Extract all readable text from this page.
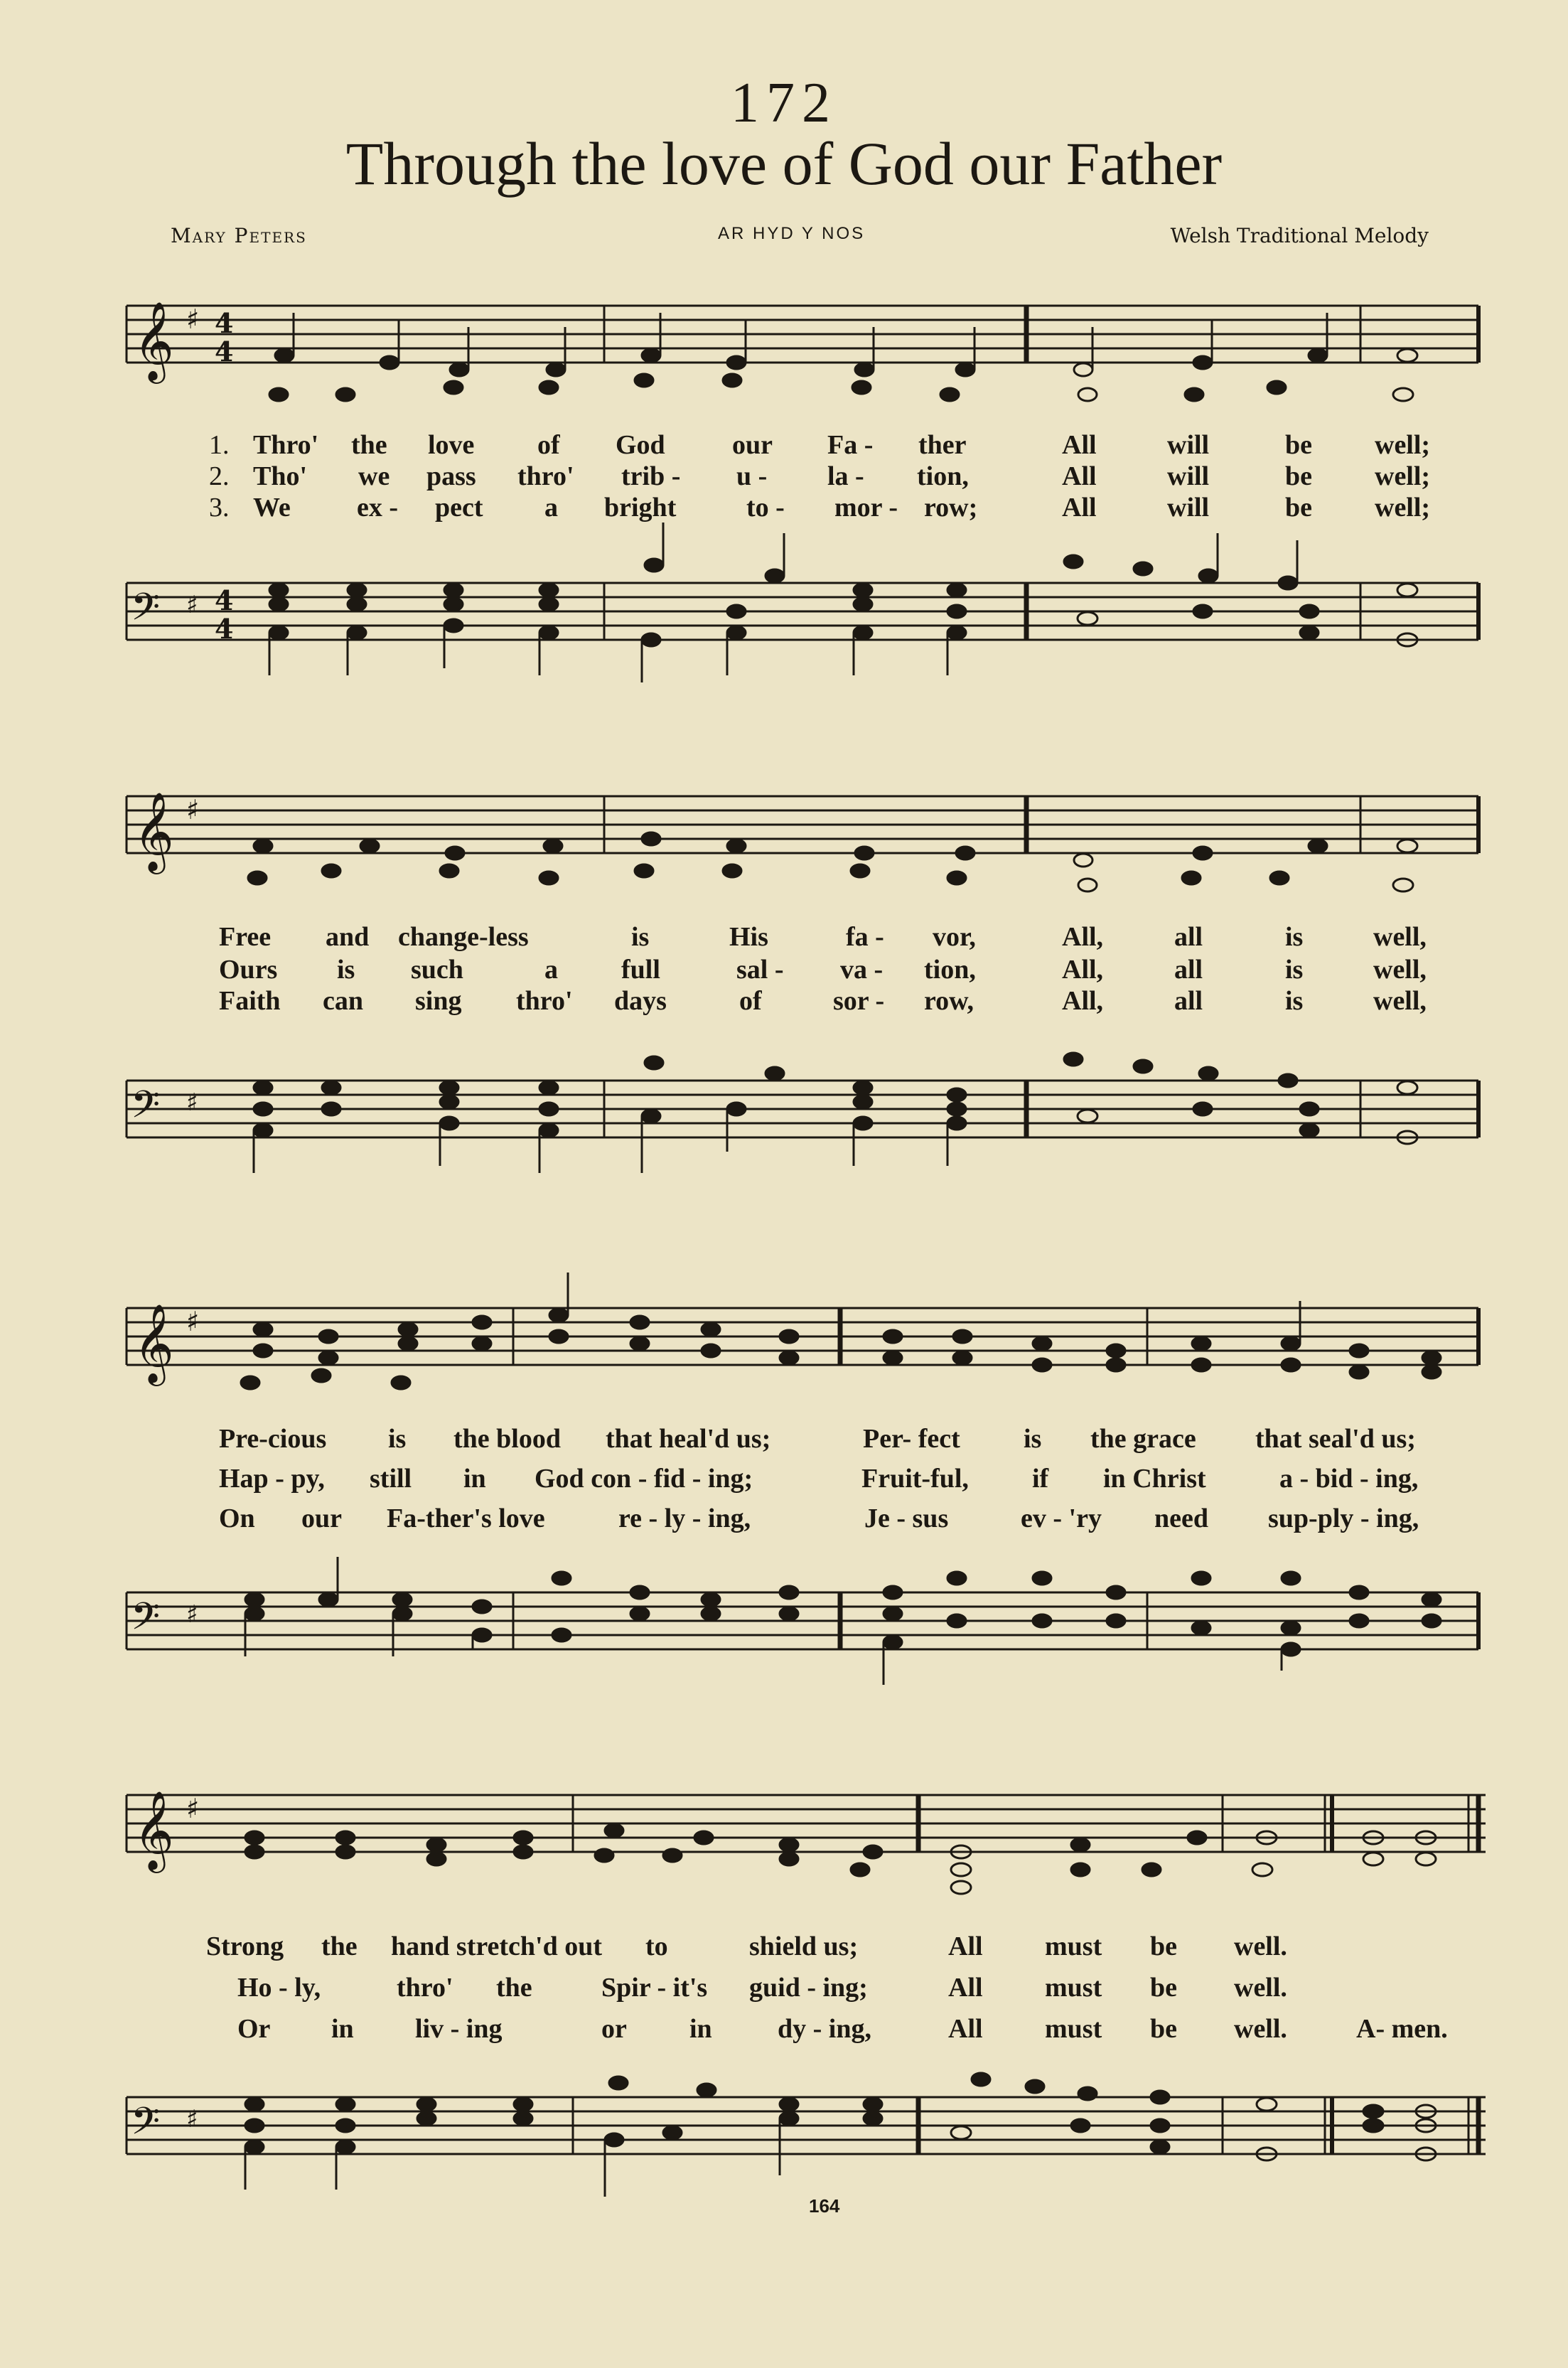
172
Through the love of God our Father
Mary Peters	AR HYD Y NOS	Welsh Traditional Melody
𝄞 ♯ 4
4
1. Thro' the love of God our Fa - ther	All	will	be well;
2. Tho' we pass thro' trib - u - la - tion,	All	will	be well;
3. We ex - pect a bright	to - mor - row;	All	will	be well;
𝄢 ♯ 4
4
𝄞 ♯
Free and change-less	is	His	fa - vor,	All,	all	is	well,
Ours is such	a full	sal - va - tion,	All,	all	is	well,
Faith can sing thro' days	of	sor - row,	All,	all	is	well,
𝄢 ♯
𝄞 ♯
Pre-cious is the blood that heal'd us;	Per- fect is the grace that seal'd us;
Hap - py, still in God con - fid - ing;	Fruit-ful, if in Christ	a - bid - ing,
On our Fa-ther's love	re - ly - ing,	Je - sus	ev - 'ry need sup-ply - ing,
𝄢 ♯
𝄞 ♯
Strong the hand stretch'd out to	shield us;	All must be well.
Ho - ly,	thro' the	Spir - it's guid - ing;	All must be well.
Or in liv - ing	or in dy - ing,	All must be well.	A- men.
𝄢 ♯
164
